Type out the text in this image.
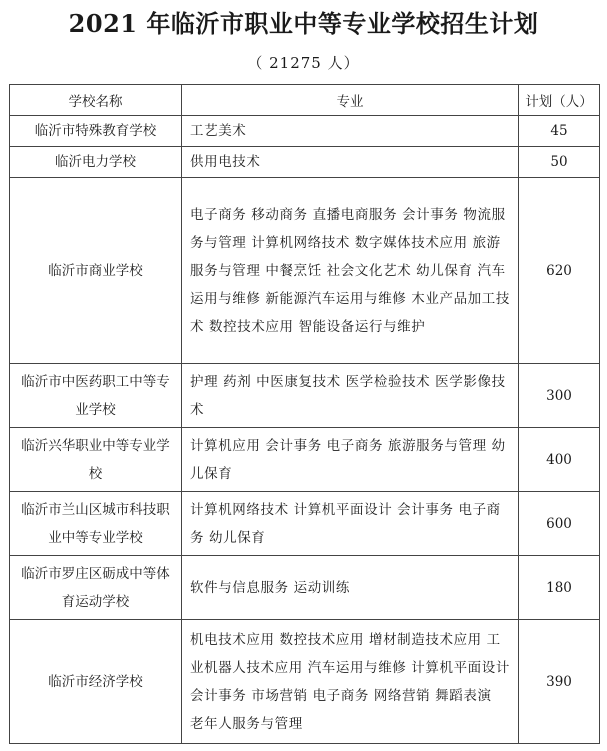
2021 年临沂市职业中等专业学校招生计划
（ 21275 人）
学校名称	专业	计划（人）
临沂市特殊教育学校	工艺美术	45
临沂电力学校	供用电技术	50
临沂市商业学校	电子商务 移动商务 直播电商服务 会计事务 物流服务与管理 计算机网络技术 数字媒体技术应用 旅游服务与管理 中餐烹饪 社会文化艺术 幼儿保育 汽车运用与维修 新能源汽车运用与维修 木业产品加工技术 数控技术应用 智能设备运行与维护	620
临沂市中医药职工中等专业学校	护理 药剂 中医康复技术 医学检验技术 医学影像技术	300
临沂兴华职业中等专业学校	计算机应用 会计事务 电子商务 旅游服务与管理 幼儿保育	400
临沂市兰山区城市科技职业中等专业学校	计算机网络技术 计算机平面设计 会计事务 电子商务 幼儿保育	600
临沂市罗庄区砺成中等体育运动学校	软件与信息服务 运动训练	180
临沂市经济学校	机电技术应用 数控技术应用 增材制造技术应用 工业机器人技术应用 汽车运用与维修 计算机平面设计 会计事务 市场营销 电子商务 网络营销 舞蹈表演 老年人服务与管理	390
